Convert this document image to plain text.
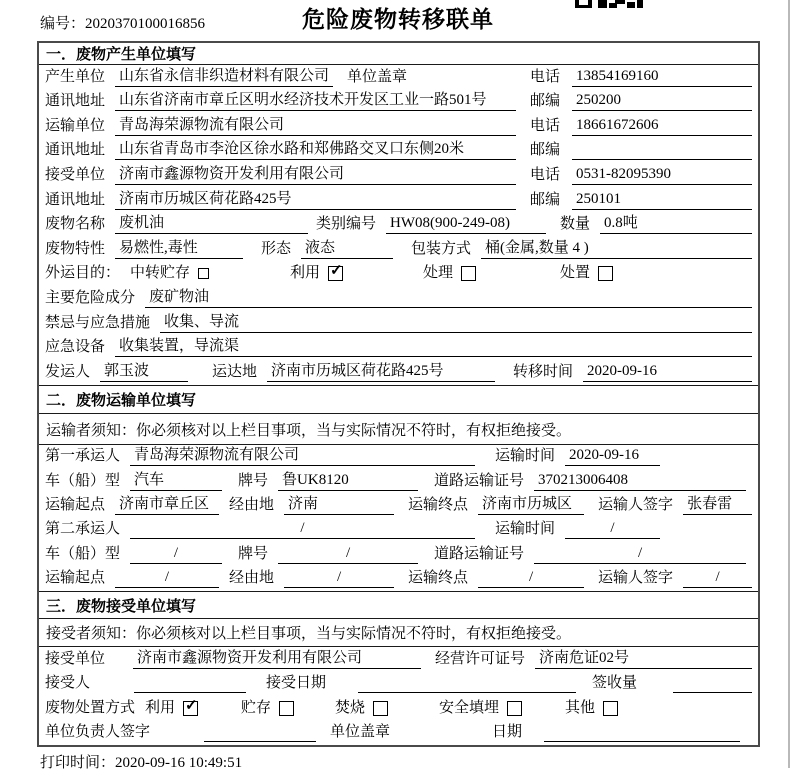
编号：2020370100016856	危险废物转移联单
一．废物产生单位填写
产生单位 山东省永信非织造材料有限公司 单位盖章	电话 13854169160
通讯地址 山东省济南市章丘区明水经济技术开发区工业一路501号	邮编 250200
运输单位 青岛海荣源物流有限公司	电话 18661672606
通讯地址 山东省青岛市李沧区徐水路和郑佛路交叉口东侧20米	邮编
接受单位 济南市鑫源物资开发利用有限公司	电话 0531-82095390
通讯地址 济南市历城区荷花路425号	邮编 250101
废物名称 废机油	类别编号 HW08(900-249-08)	数量 0.8吨
废物特性 易燃性,毒性	形态 液态	包装方式 桶(金属,数量 4 )
外运目的： 中转贮存	利用 ✓	处理	处置
主要危险成分 废矿物油
禁忌与应急措施 收集、导流
应急设备 收集装置，导流渠
发运人 郭玉波	运达地 济南市历城区荷花路425号	转移时间 2020-09-16
二．废物运输单位填写
运输者须知：你必须核对以上栏目事项，当与实际情况不符时，有权拒绝接受。
第一承运人 青岛海荣源物流有限公司	运输时间 2020-09-16
车（船）型 汽车	牌号 鲁UK8120	道路运输证号 370213006408
运输起点 济南市章丘区	经由地 济南	运输终点 济南市历城区	运输人签字 张春雷
第二承运人	/	运输时间	/
车（船）型	/	牌号	/	道路运输证号	/
运输起点	/	经由地	/	运输终点	/	运输人签字	/
三．废物接受单位填写
接受者须知：你必须核对以上栏目事项，当与实际情况不符时，有权拒绝接受。
接受单位 济南市鑫源物资开发利用有限公司	经营许可证号 济南危证02号
接受人	接受日期	签收量
废物处置方式 利用 ✓	贮存	焚烧	安全填埋	其他
单位负责人签字	单位盖章	日期
打印时间：2020-09-16 10:49:51
